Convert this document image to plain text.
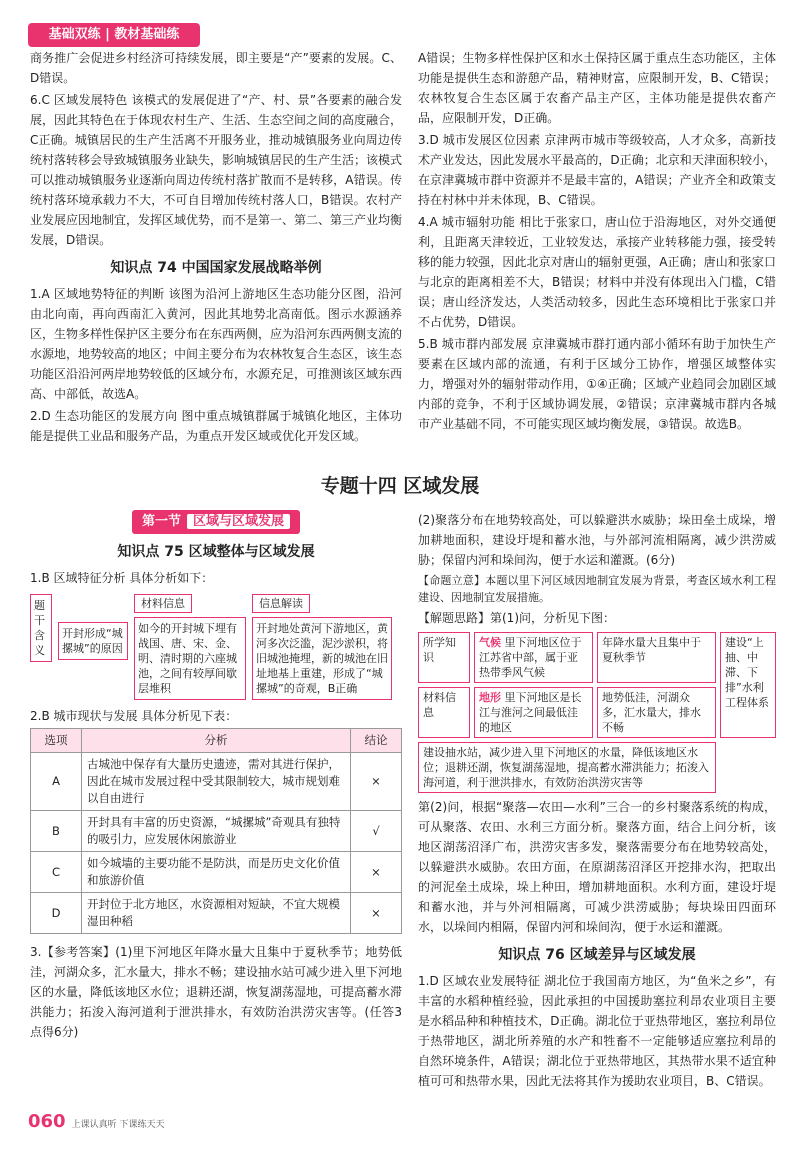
基础双练 | 教材基础练

商务推广会促进乡村经济可持续发展，即主要是“产”要素的发展。C、D错误。

6.C 区域发展特色 该模式的发展促进了“产、村、景”各要素的融合发展，因此其特色在于体现农村生产、生活、生态空间之间的高度融合，C正确。城镇居民的生产生活离不开服务业，推动城镇服务业向周边传统村落转移会导致城镇服务业缺失，影响城镇居民的生产生活；该模式可以推动城镇服务业逐渐向周边传统村落扩散而不是转移，A错误。传统村落环境承载力不大，不可自目增加传统村落人口，B错误。农村产业发展应因地制宜，发挥区域优势，而不是第一、第二、第三产业均衡发展，D错误。

知识点 74 中国国家发展战略举例

1.A 区域地势特征的判断 该图为沿河上游地区生态功能分区图，沿河由北向南，再向西南汇入黄河，因此其地势北高南低。图示水源涵养区，生物多样性保护区主要分布在东西两侧，应为沿河东西两侧支流的水源地，地势较高的地区；中间主要分布为农林牧复合生态区，该生态功能区沿沿河两岸地势较低的区域分布，水源充足，可推测该区域东西高、中部低，故选A。

2.D 生态功能区的发展方向 图中重点城镇群属于城镇化地区，主体功能是提供工业品和服务产品，为重点开发区域或优化开发区域。

A错误；生物多样性保护区和水土保持区属于重点生态功能区，主体功能是提供生态和游憩产品，精神财富，应限制开发，B、C错误；农林牧复合生态区属于农畜产品主产区，主体功能是提供农畜产品，应限制开发，D正确。

3.D 城市发展区位因素 京津两市城市等级较高，人才众多，高新技术产业发达，因此发展水平最高的，D正确；北京和天津面积较小，在京津冀城市群中资源并不是最丰富的，A错误；产业齐全和政策支持在村林中并未体现，B、C错误。

4.A 城市辐射功能 相比于张家口，唐山位于沿海地区，对外交通便利，且距离天津较近，工业较发达，承接产业转移能力强，接受转移的能力较强，因此北京对唐山的辐射更强，A正确；唐山和张家口与北京的距离相差不大，B错误；材料中并没有体现出入门槛，C错误；唐山经济发达，人类活动较多，因此生态环境相比于张家口并不占优势，D错误。

5.B 城市群内部发展 京津冀城市群打通内部小循环有助于加快生产要素在区域内部的流通，有利于区域分工协作，增强区域整体实力，增强对外的辐射带动作用，①④正确；区域产业趋同会加剧区域内部的竞争，不利于区域协调发展，②错误；京津冀城市群内各城市产业基础不同，不可能实现区域均衡发展，③错误。故选B。

专题十四 区域发展
第一节 区域与区域发展
知识点 75 区域整体与区域发展

1.B 区域特征分析 具体分析如下：

题干含义
开封形成“城摞城”的原因
材料信息
如今的开封城下埋有战国、唐、宋、金、明、清时期的六座城池，之间有较厚间歇层堆积
信息解读
开封地处黄河下游地区，黄河多次泛滥，泥沙淤积，将旧城池掩埋，新的城池在旧址地基上重建，形成了“城摞城”的奇观，B正确

2.B 城市现状与发展 具体分析见下表：

选项	分析	结论
A	古城池中保存有大量历史遗迹，需对其进行保护，因此在城市发展过程中受其限制较大，城市规划难以自由进行	×
B	开封具有丰富的历史资源，“城摞城”奇观具有独特的吸引力，应发展休闲旅游业	√
C	如今城墙的主要功能不是防洪，而是历史文化价值和旅游价值	×
D	开封位于北方地区，水资源相对短缺，不宜大规模湿田种稻	×

3.【参考答案】(1)里下河地区年降水量大且集中于夏秋季节；地势低洼，河湖众多，汇水量大，排水不畅；建设抽水站可减少进入里下河地区的水量，降低该地区水位；退耕还湖，恢复湖荡湿地，可提高蓄水滞洪能力；拓浚入海河道利于泄洪排水，有效防治洪涝灾害等。(任答3点得6分)

(2)聚落分布在地势较高处，可以躲避洪水威胁；垛田垒土成垛，增加耕地面积，建设圩堤和蓄水池，与外部河流相隔离，减少洪涝威胁；保留内河和垛间沟，便于水运和灌溉。(6分)

【命题立意】本题以里下河区域因地制宜发展为背景，考查区域水利工程建设、因地制宜发展措施。

【解题思路】第(1)问，分析见下图：

所学知识
气候 里下河地区位于江苏省中部，属于亚热带季风气候
年降水量大且集中于夏秋季节
建设“上抽、中滞、下排”水利工程体系
材料信息
地形 里下河地区是长江与淮河之间最低洼的地区
地势低洼，河湖众多，汇水量大，排水不畅
建设抽水站，减少进入里下河地区的水量，降低该地区水位；退耕还湖，恢复湖荡湿地，提高蓄水滞洪能力；拓浚入海河道，利于泄洪排水，有效防治洪涝灾害等

第(2)问，根据“聚落—农田—水利”三合一的乡村聚落系统的构成，可从聚落、农田、水利三方面分析。聚落方面，结合上问分析，该地区湖荡沼泽广布，洪涝灾害多发，聚落需要分布在地势较高处，以躲避洪水威胁。农田方面，在原湖荡沼泽区开挖排水沟，把取出的河泥垒土成垛，垛上种田，增加耕地面积。水利方面，建设圩堤和蓄水池，并与外河相隔离，可减少洪涝威胁；每块垛田四面环水，以垛间内相隔，保留内河和垛间沟，便于水运和灌溉。

知识点 76 区域差异与区域发展

1.D 区域农业发展特征 湖北位于我国南方地区，为“鱼米之乡”，有丰富的水稻种植经验，因此承担的中国援助塞拉利昂农业项目主要是水稻品种和种植技术，D正确。湖北位于亚热带地区，塞拉利昂位于热带地区，湖北所养殖的水产和牲畜不一定能够适应塞拉利昂的自然环境条件，A错误；湖北位于亚热带地区，其热带水果不适宜种植可可和热带水果，因此无法将其作为援助农业项目，B、C错误。

060 上课认真听 下课练天天
